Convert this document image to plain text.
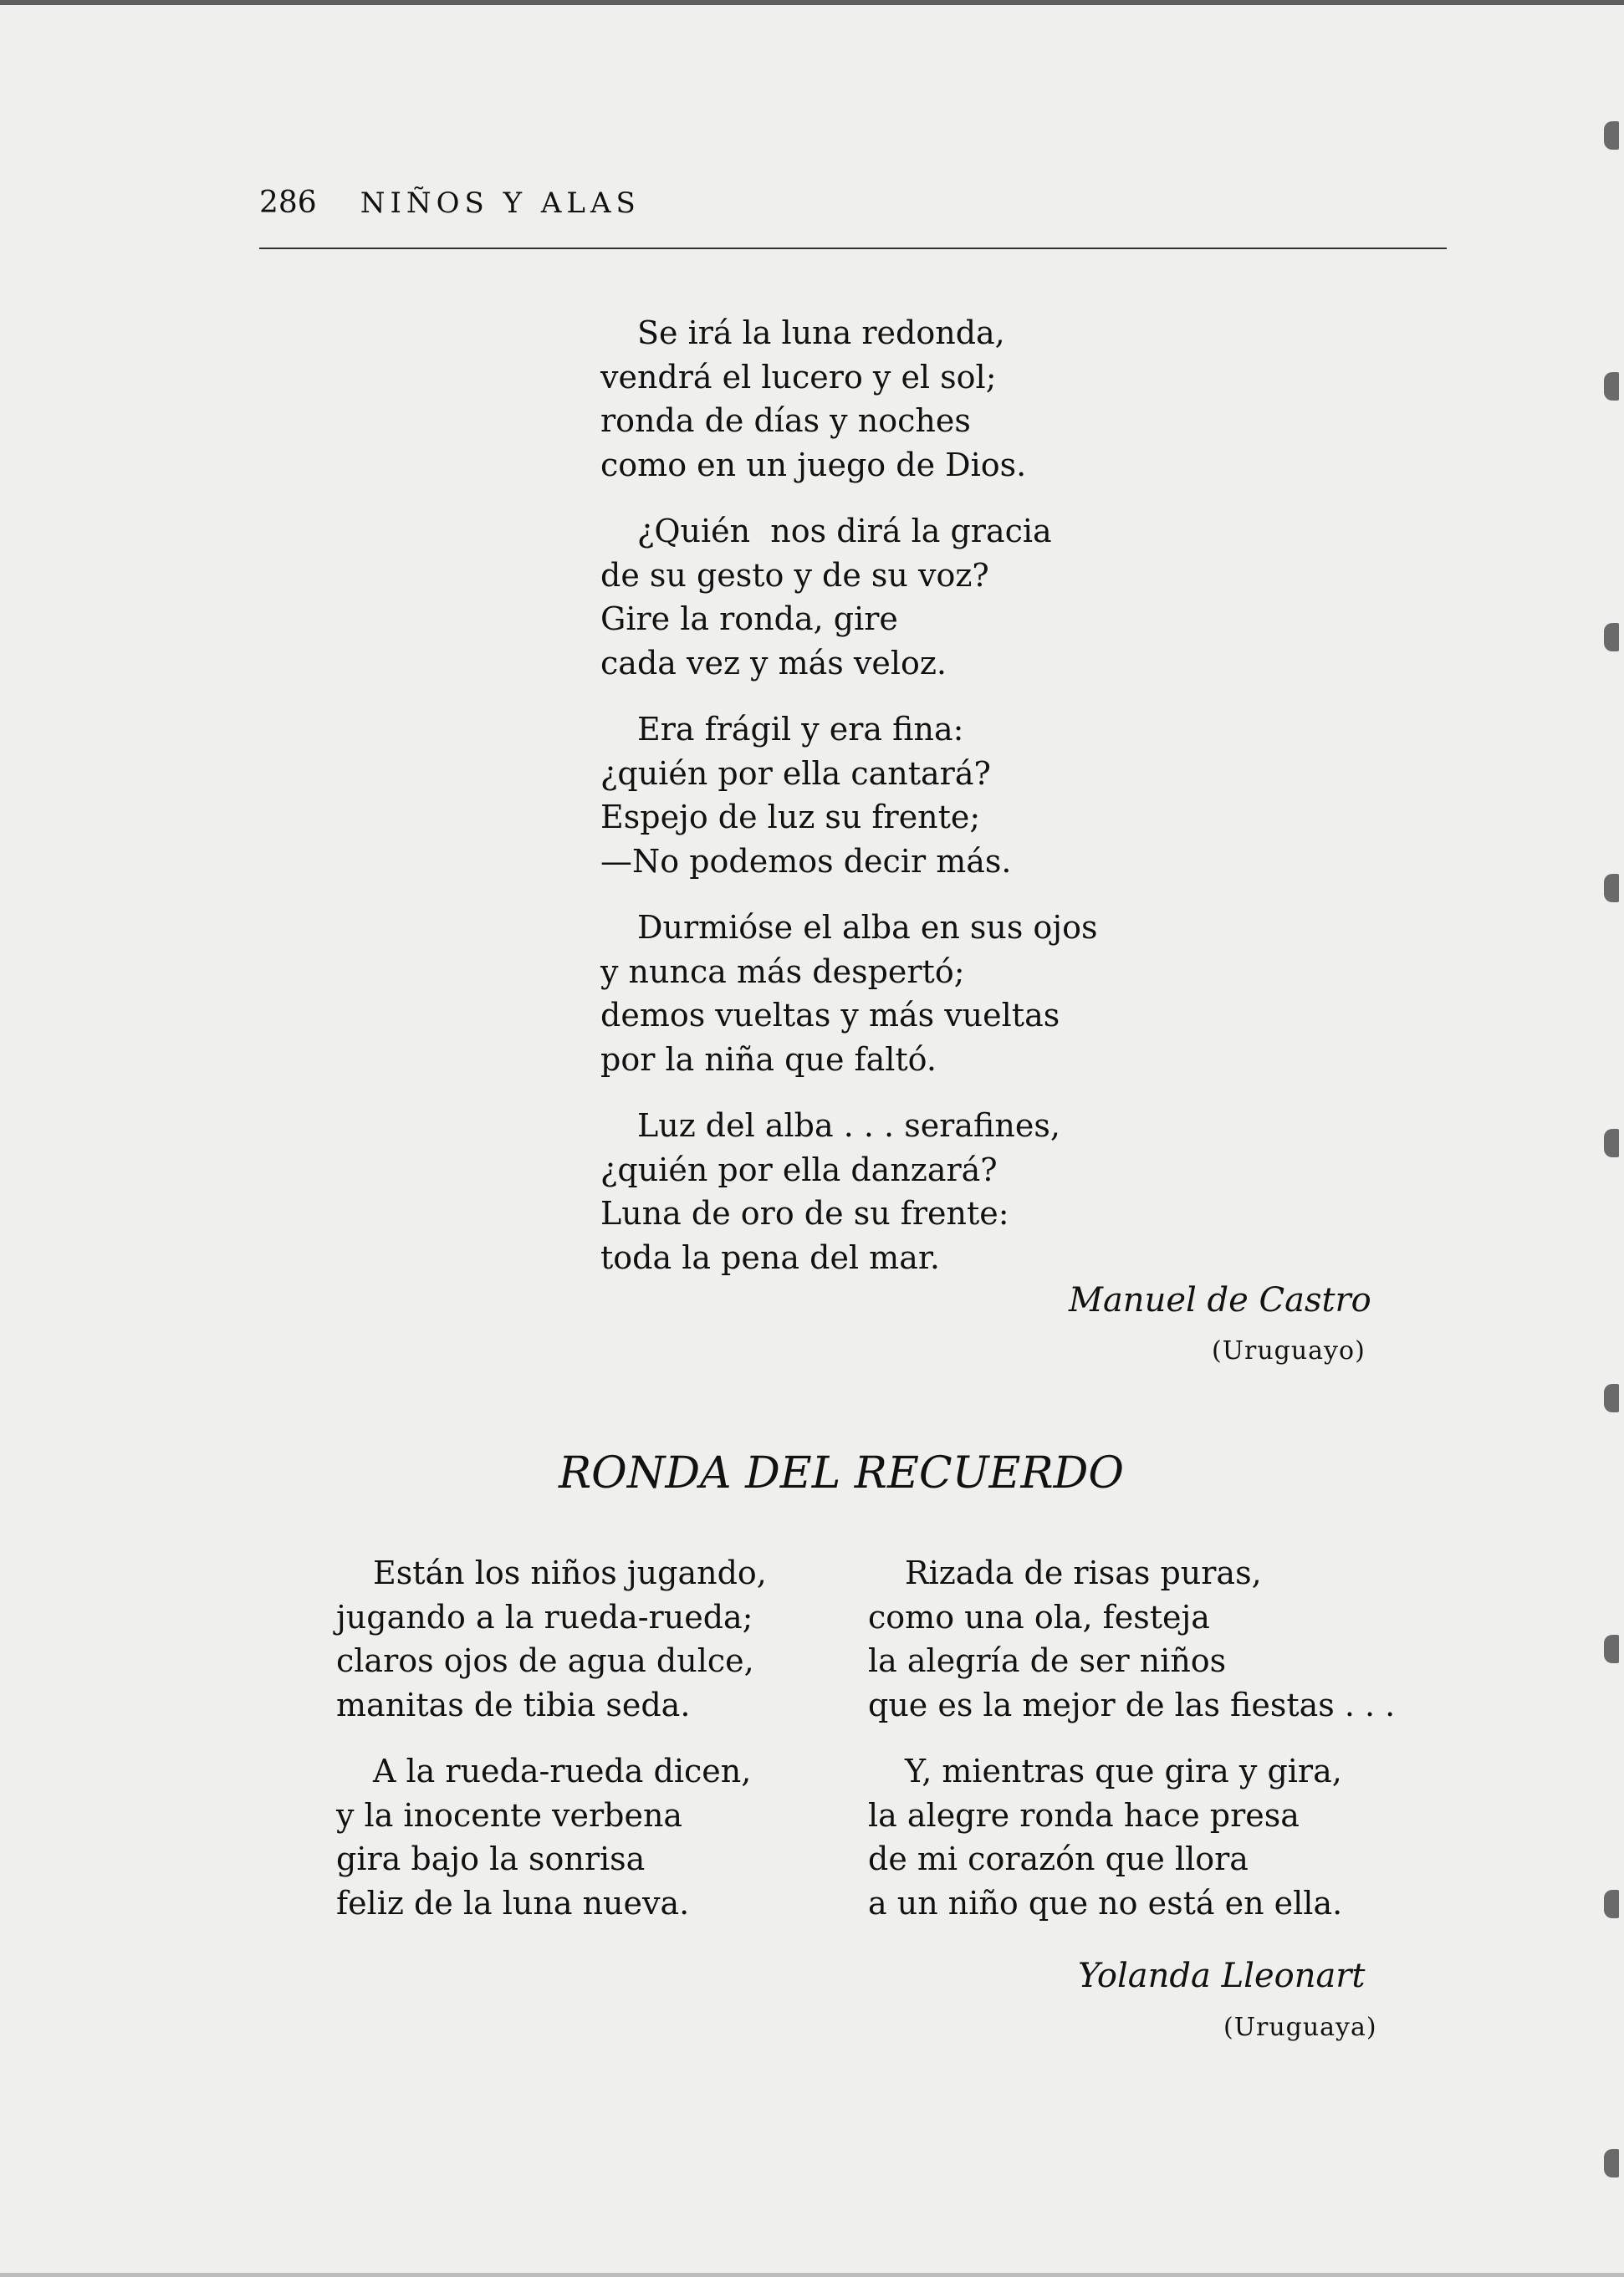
286 NIÑOS Y ALAS
Se irá la luna redonda,
vendrá el lucero y el sol;
ronda de días y noches
como en un juego de Dios.
¿Quién  nos dirá la gracia
de su gesto y de su voz?
Gire la ronda, gire
cada vez y más veloz.
Era frágil y era fina:
¿quién por ella cantará?
Espejo de luz su frente;
—No podemos decir más.
Durmióse el alba en sus ojos
y nunca más despertó;
demos vueltas y más vueltas
por la niña que faltó.
Luz del alba . . . serafines,
¿quién por ella danzará?
Luna de oro de su frente:
toda la pena del mar.
Manuel de Castro
(Uruguayo)
RONDA DEL RECUERDO
Están los niños jugando,
jugando a la rueda-rueda;
claros ojos de agua dulce,
manitas de tibia seda.
A la rueda-rueda dicen,
y la inocente verbena
gira bajo la sonrisa
feliz de la luna nueva.
Rizada de risas puras,
como una ola, festeja
la alegría de ser niños
que es la mejor de las fiestas . . .
Y, mientras que gira y gira,
la alegre ronda hace presa
de mi corazón que llora
a un niño que no está en ella.
Yolanda Lleonart
(Uruguaya)
